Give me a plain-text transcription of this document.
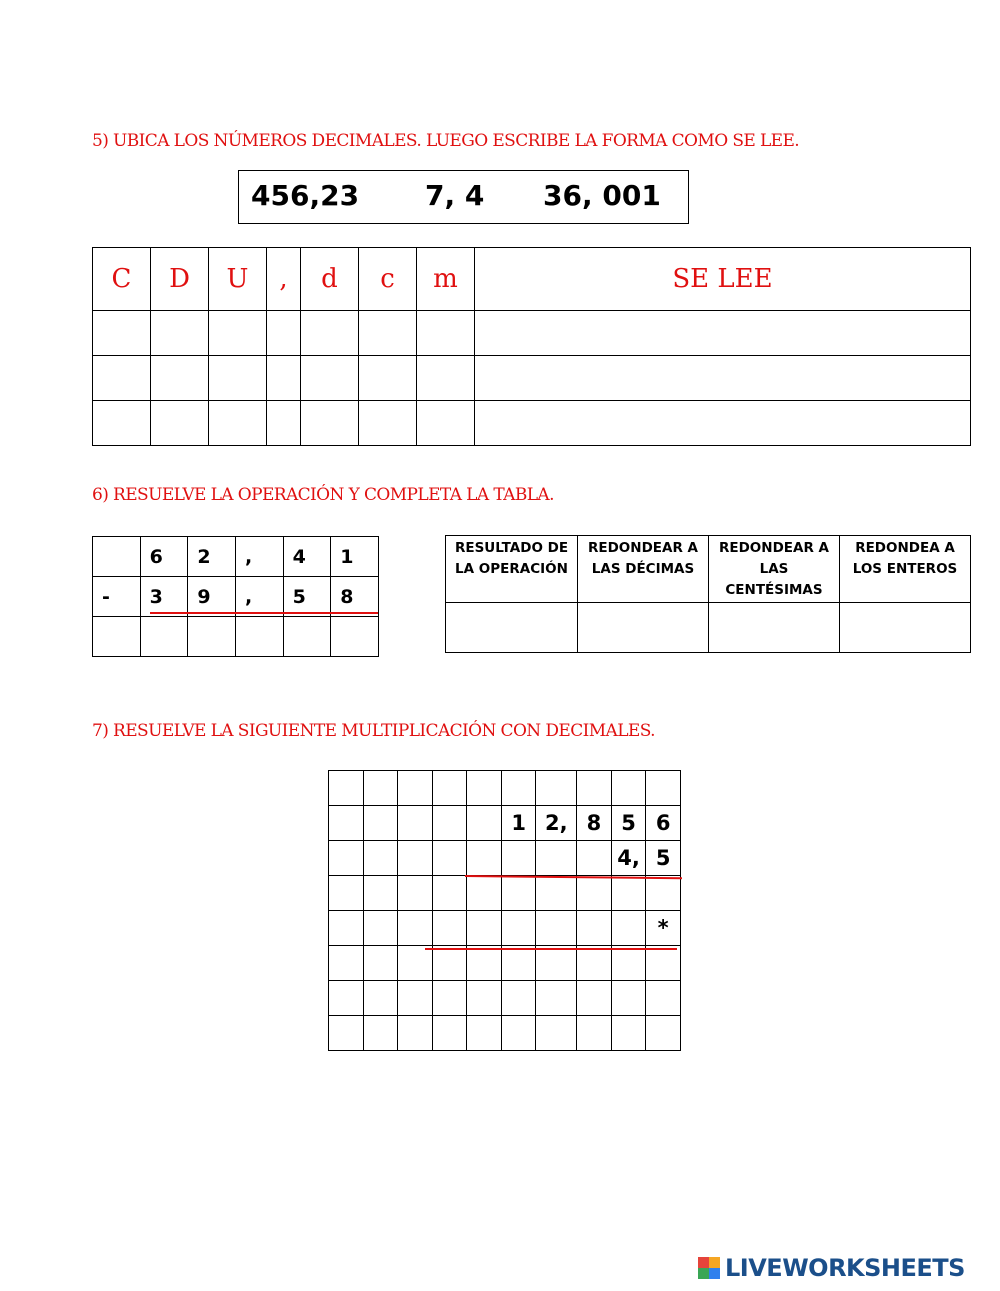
5) UBICA LOS NÚMEROS DECIMALES. LUEGO ESCRIBE LA FORMA COMO SE LEE.
456,23 7, 4 36, 001
C	D	U	,	d	c	m	SE LEE

6) RESUELVE LA OPERACIÓN Y COMPLETA LA TABLA.
	6	2	,	4	1
-	3	9	,	5	8

RESULTADO DE LA OPERACIÓN	REDONDEAR A LAS DÉCIMAS	REDONDEAR A LAS CENTÉSIMAS	REDONDEA A LOS ENTEROS

7) RESUELVE LA SIGUIENTE MULTIPLICACIÓN CON DECIMALES.

					1	2,	8	5	6
								4,	5

									*

LIVEWORKSHEETS
